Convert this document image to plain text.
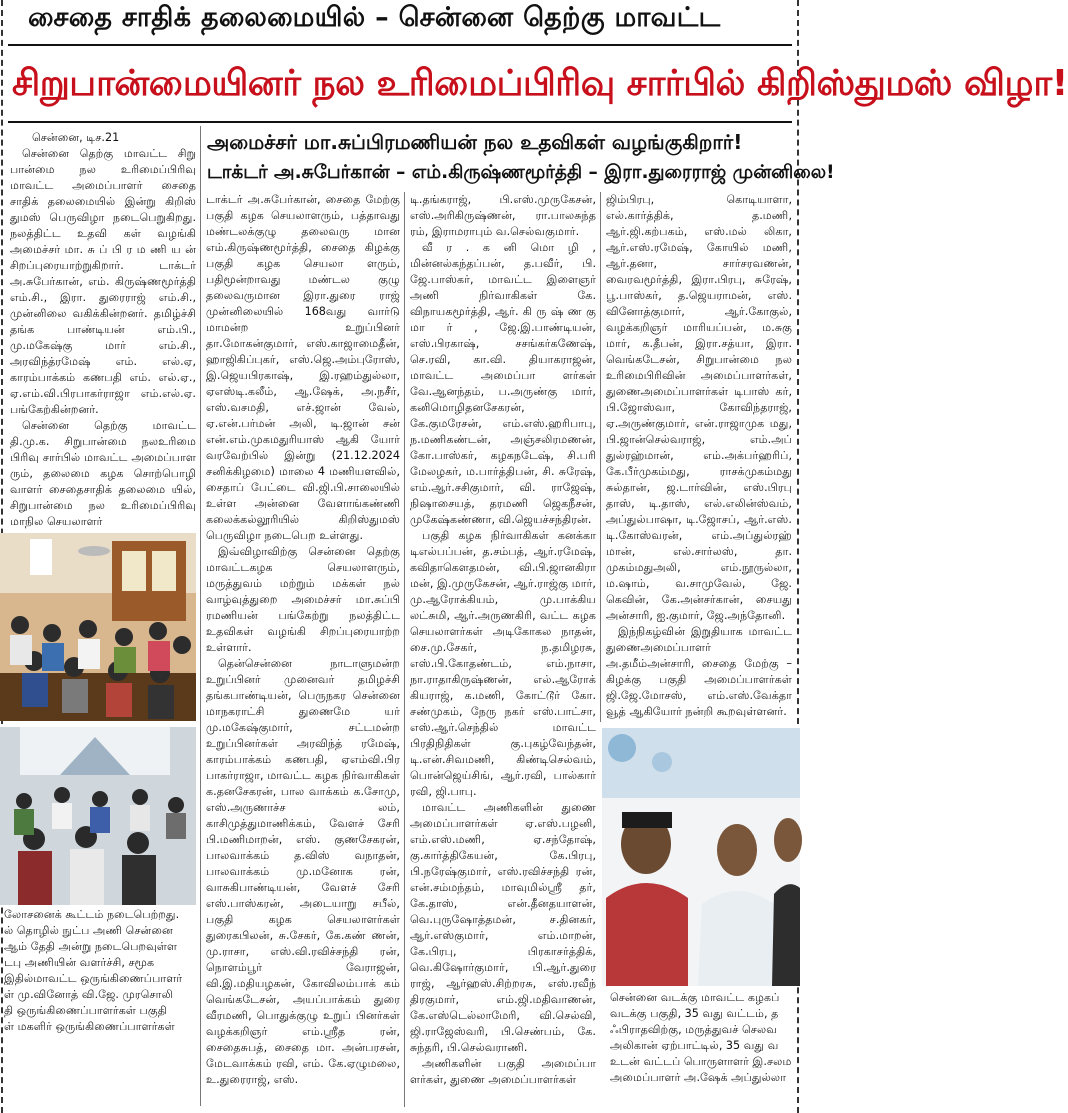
சைதை சாதிக் தலைமையில் – சென்னை தெற்கு மாவட்ட
சிறுபான்மையினர் நல உரிமைப்பிரிவு சார்பில் கிறிஸ்துமஸ் விழா!
அமைச்சர் மா.சுப்பிரமணியன் நல உதவிகள் வழங்குகிறார்!
டாக்டர் அ.சுபேர்கான் – எம்.கிருஷ்ணமூர்த்தி – இரா.துரைராஜ் முன்னிலை!

சென்னை, டிச.21

சென்னை தெற்கு மாவட்ட சிறு பான்மை நல உரிமைப்பிரிவு மாவட்ட அமைப்பாளர் சைதை சாதிக் தலைமையில் இன்று கிறிஸ் துமஸ் பெருவிழா நடைபெறுகிறது. நலத்திட்ட உதவி கள் வழங்கி அமைச்சர் மா. சு ப் பி ர ம ணி ய ன் சிறப்புரையாற்றுகிறார். டாக்டர் அ.சுபேர்கான், எம். கிருஷ்ணமூர்த்தி எம்.சி., இரா. துரைராஜ் எம்.சி., முன்னிலை வகிக்கின்றனர். தமிழ்ச்சி தங்க பாண்டியன் எம்.பி., மு.மகேஷ்கு மார் எம்.சி., அரவிந்த்ரமேஷ் எம். எல்.ஏ, காரம்பாக்கம் கணபதி எம். எல்.ஏ., ஏ.எம்.வி.பிரபாகர்ராஜா எம்.எல்.ஏ. பங்கேற்கின்றனர்.

சென்னை தெற்கு மாவட்ட தி.மு.க. சிறுபான்மை நலஉரிமை பிரிவு சார்பில் மாவட்ட அமைப்பாள ரும், தலைமை கழக சொற்பொழி வாளர் சைதைசாதிக் தலைமை யில், சிறுபான்மை நல உரிமைப்பிரிவு மாநில செயலாளர்

லோசனைக் கூட்டம் நடைபெற்றது.
ல் தொழில் நுட்ப அணி சென்னை
ஆம் தேதி அன்று நடைபெறவுள்ள
டபு அணியின் வளர்ச்சி, சமூக
இதில்மாவட்ட ஒருங்கிணைப்பாளர்
ள் மு.வினோத் வி.ஜே. முரசொலி
தி ஒருங்கிணைப்பாளர்கள் பகுதி
ள் மகளிர் ஒருங்கிணைப்பாளர்கள்

டாக்டர் அ.சுபேர்கான், சைதை மேற்கு பகுதி கழக செயலாளரும், பத்தாவது மண்டலக்குழு தலைவரு மான எம்.கிருஷ்ணமூர்த்தி, சைதை கிழக்கு பகுதி கழக செயலா ளரும், பதிமூன்றாவது மண்டல குழு தலைவருமான இரா.துரை ராஜ் முன்னிலையில் 168வது வார்டு மாமன்ற உறுப்பினர் தா.மோகன்குமார், எஸ்.காஜாமைதீன், ஹாஜிகிப்புகர், எஸ்.ஜெ.அம்புரோஸ், இ.ஜெயபிரகாஷ், இ.ரஹம்துல்லா, ஏஎஸ்டி.கலீம், ஆ.ஷேக், அ.நசீர், எஸ்.வசமதி, எச்.ஜான் வேல், ஏ.என்.பர்மன் அலி, டி.ஜான் சன் என்.எம்.முகமதுரியாஸ் ஆகி யோர் வரவேற்பில் இன்று (21.12.2024 சனிக்கிழமை) மாலை 4 மணியளவில், சைதாப் பேட்டை வி.ஜி.பி.சாலையில் உள்ள அன்னை வேளாங்கண்ணி கலைக்கல்லூரியில் கிறிஸ்துமஸ் பெருவிழா நடைபெற உள்ளது.

இவ்விழாவிற்கு சென்னை தெற்கு மாவட்டகழக செயலாளரும், மருத்துவம் மற்றும் மக்கள் நல் வாழ்வுத்துறை அமைச்சர் மா.சுப்பி ரமணியன் பங்கேற்று நலத்திட்ட உதவிகள் வழங்கி சிறப்புரையாற்ற உள்ளார்.

தென்சென்னை நாடாளுமன்ற உறுப்பினர் முனைவர் தமிழச்சி தங்கபாண்டியன், பெருநகர சென்னை மாநகராட்சி துணைமே யர் மு.மகேஷ்குமார், சட்டமன்ற உறுப்பினர்கள் அரவிந்த் ரமேஷ், காரம்பாக்கம் கணபதி, ஏஎம்வி.பிர பாகர்ராஜா, மாவட்ட கழக நிர்வாகிகள் க.தனசேகரன், பால வாக்கம் க.சோமு, எஸ்.அருணாச்ச லம், காசிமுத்துமாணிக்கம், வேளச் சேரி பி.மணிமாறன், எஸ். குணசேகரன், பாலவாக்கம் த.விஸ் வநாதன், பாலவாக்கம் மு.மனோக ரன், வாசுகிபாண்டியன், வேளச் சேரி எஸ்.பாஸ்கரன், அடையாறு சபீல், பகுதி கழக செயலாளர்கள் துரைகபிலன், சு.சேகர், கே.கண் ணன், மு.ராசா, எஸ்.வி.ரவிச்சந்தி ரன், நொளம்பூர் வேராஜன், வி.இ.மதியழகன், கோவிலம்பாக் கம் வெங்கடேசன், அயப்பாக்கம் துரை வீரமணி, பொதுக்குழு உறுப் பினர்கள் வழக்கறிஞர் எம்.ஸ்ரீத ரன், சைதைசுபத், சைதை மா. அன்பரசன், மேடவாக்கம் ரவி, எம். கே.ஏழுமலை, உ.துரைராஜ், எஸ்.

டி.தங்கராஜ், பி.எஸ்.முருகேசன், எஸ்.அரிகிருஷ்ணன், ரா.பாலசுந்த ரம், இராமராபும் வ.செல்வகுமார்.

வீ ர . க னி மொ ழி , மின்னல்கந்தப்பன், த.பவீர், பி. ஜே.பாஸ்கர், மாவட்ட இளைஞர் அணி நிர்வாகிகள் கே. விநாயகமூர்த்தி, ஆர். கி ரு ஷ் ண கு மா ர் , ஜே.இ.பாண்டியன், எஸ்.பிரகாஷ், சசங்கர்கணேஷ், செ.ரவி, கா.வி. தியாகராஜன், மாவட்ட அமைப்பா ளர்கள் வே.ஆனந்தம், ப.அருண்கு மார், கனிமொழிதனசேகரன், கே.குமரேசன், எம்.எஸ்.ஹரிபாபு, ந.மணிகண்டன், அஞ்சலிரமணன், கோ.பாஸ்கர், கழகநடேஷ், சி.பரி மேலழகர், ம.பார்த்திபன், சி. சுரேஷ், எம்.ஆர்.சசிகுமார், வி. ராஜேஷ், நிஷாசையத், தரமணி ஜெகநீசன், முகேஷ்கண்ணா, வி.ஜெயச்சந்திரன்.

பகுதி கழக நிர்வாகிகள் கனக்கா டிஎல்பப்பன், த.சம்பத், ஆர்.ரமேஷ், கவிதாகௌதமன், வி.பி.ஜானகிரா மன், இ.முருகேசன், ஆர்.ராஜ்கு மார், மு.ஆரோக்கியம், மு.பாக்கிய லட்சுமி, ஆர்.அருணகிரி, வட்ட கழக செயலாளர்கள் அடிகோகல நாதன், சை.மு.சேகர், ந.தமிழரசு, எஸ்.பி.கோதண்டம், எம்.நாசா, நா.ராதாகிருஷ்ணன், எல்.ஆரோக் கியராஜ், க.மணி, கோட்டூர் கோ. சண்முகம், நேரு நகர் எஸ்.பாட்சா, எஸ்.ஆர்.செந்தில் மாவட்ட பிரதிநிதிகள் கு.புகழ்வேந்தன், டி.என்.சிவமணி, கிண்டிசெல்வம், பொன்ஜெய்சிங், ஆர்.ரவி, பால்கார் ரவி, ஜி.பாபு.

மாவட்ட அணிகளின் துணை அமைப்பாளர்கள் ஏ.எஸ்.பழனி, எம்.எஸ்.மணி, ஏ.சந்தோஷ், கு.கார்த்திகேயன், கே.பிரபு, பி.நரேஷ்குமார், எஸ்.ரவிச்சந்தி ரன், என்.சம்மந்தம், மாவுமில்ஸ்ரீ தர், கே.தாஸ், என்.தீனதயாளன், வெ.புருஷோத்தமன், ச.தினகர், ஆர்.எஸ்குமார், எம்.மாறன், கே.பிரபு, பிரகாசர்த்திக், வெ.கிஷோர்குமார், பி.ஆர்.துரை ராஜ், ஆர்ஹஸ்.சிற்றரசு, எஸ்.ரவீந் திரகுமார், எம்.ஜி.மதிவாணன், கே.எஸ்டெல்லாமேரி, வி.செல்வி, ஜி.ராஜேஸ்வரி, பி.செண்பம், கே. சுந்தரி, பி.செல்வராணி.

அணிகளின் பகுதி அமைப்பா ளர்கள், துணை அமைப்பாளர்கள்

ஜிம்பிரபு, கொடியாளா, எல்.கார்த்திக், த.மணி, ஆர்.ஜி.கற்பகம், எஸ்.மல் லிகா, ஆர்.எஸ்.ரமேஷ், கோயில் மணி, ஆர்.தனா, சார்சரவணன், வைரவமூர்த்தி, இரா.பிரபு, சுரேஷ், பூ.பாஸ்கர், த.ஜெயராமன், எஸ். வினோத்குமார், ஆர்.கோகுல், வழக்கறிஞர் மாரியப்பன், ம.சுகு மார், க.தீபன், இரா.சத்யா, இரா. வெங்கடேசன், சிறுபான்மை நல உரிமைபிரிவின் அமைப்பாளர்கள், துணைஅமைப்பாளர்கள் டிபாஸ் கர், பி.ஜோஸ்வா, கோவிந்தராஜ், ஏ.அருண்குமார், என்.ராஜாமுக மது, பி.ஜான்செல்வராஜ், எம்.அப் துல்ரஹ்மான், எம்.அக்பர்ஹரிப், கே.பீர்முகம்மது, ராசக்முகம்மது சுல்தான், ஜ.டார்வின், எஸ்.பிரபு தாஸ், டி.தாஸ், எல்.எலின்ஸ்வம், அப்துல்பாஷா, டி.ஜோசப், ஆர்.எஸ். டி.கோஸ்வரன், எம்.அப்துல்ரஹ் மான், எல்.சார்லஸ், தா. முகம்மதுஅலி, எம்.நூருல்லா, ம.ஷாம், வ.சாமுவேல், ஜே. கெவின், கே.அன்சர்கான், சையது அன்சாரி, ஐ.குமார், ஜே.அந்தோனி.

இந்நிகழ்வின் இறுதியாக மாவட்ட துணைஅமைப்பாளர் அ.தமீம்அன்சாரி, சைதை மேற்கு – கிழக்கு பகுதி அமைப்பாளர்கள் ஜி.ஜே.மோசஸ், எம்.எஸ்.வேக்தா வூத் ஆகியோர் நன்றி கூறவுள்ளனர்.

சென்னை வடக்கு மாவட்ட கழகப்
வடக்கு பகுதி, 35 வது வட்டம், த
ஃபிராதவிற்கு, மருத்துவச் செலவ
அலிகான் ஏற்பாட்டில், 35 வது வ
உடன் வட்டப் பொருளாளர் இ.சலம
அமைப்பாளர் அ.ஷேக் அப்துல்லா
